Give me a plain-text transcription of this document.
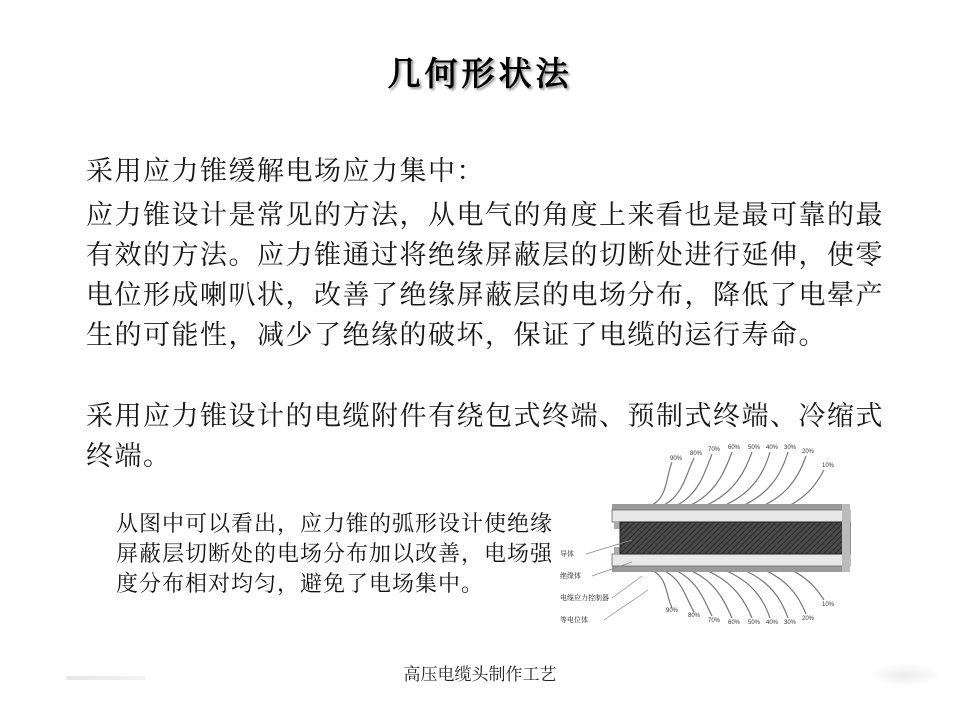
几何形状法

采用应力锥缓解电场应力集中：

应力锥设计是常见的方法，从电气的角度上来看也是最可靠的最有效的方法。应力锥通过将绝缘屏蔽层的切断处进行延伸，使零电位形成喇叭状，改善了绝缘屏蔽层的电场分布，降低了电晕产生的可能性，减少了绝缘的破坏，保证了电缆的运行寿命。

采用应力锥设计的电缆附件有绕包式终端、预制式终端、冷缩式终端。

从图中可以看出，应力锥的弧形设计使绝缘屏蔽层切断处的电场分布加以改善，电场强度分布相对均匀，避免了电场集中。

90%
80%
70% 60% 50% 40% 30%
20%
10%
90%
80%
70% 60% 50% 40% 30%
20%
10%
导体
绝缘体
电缆应力控制器
等电位体
高压电缆头制作工艺
